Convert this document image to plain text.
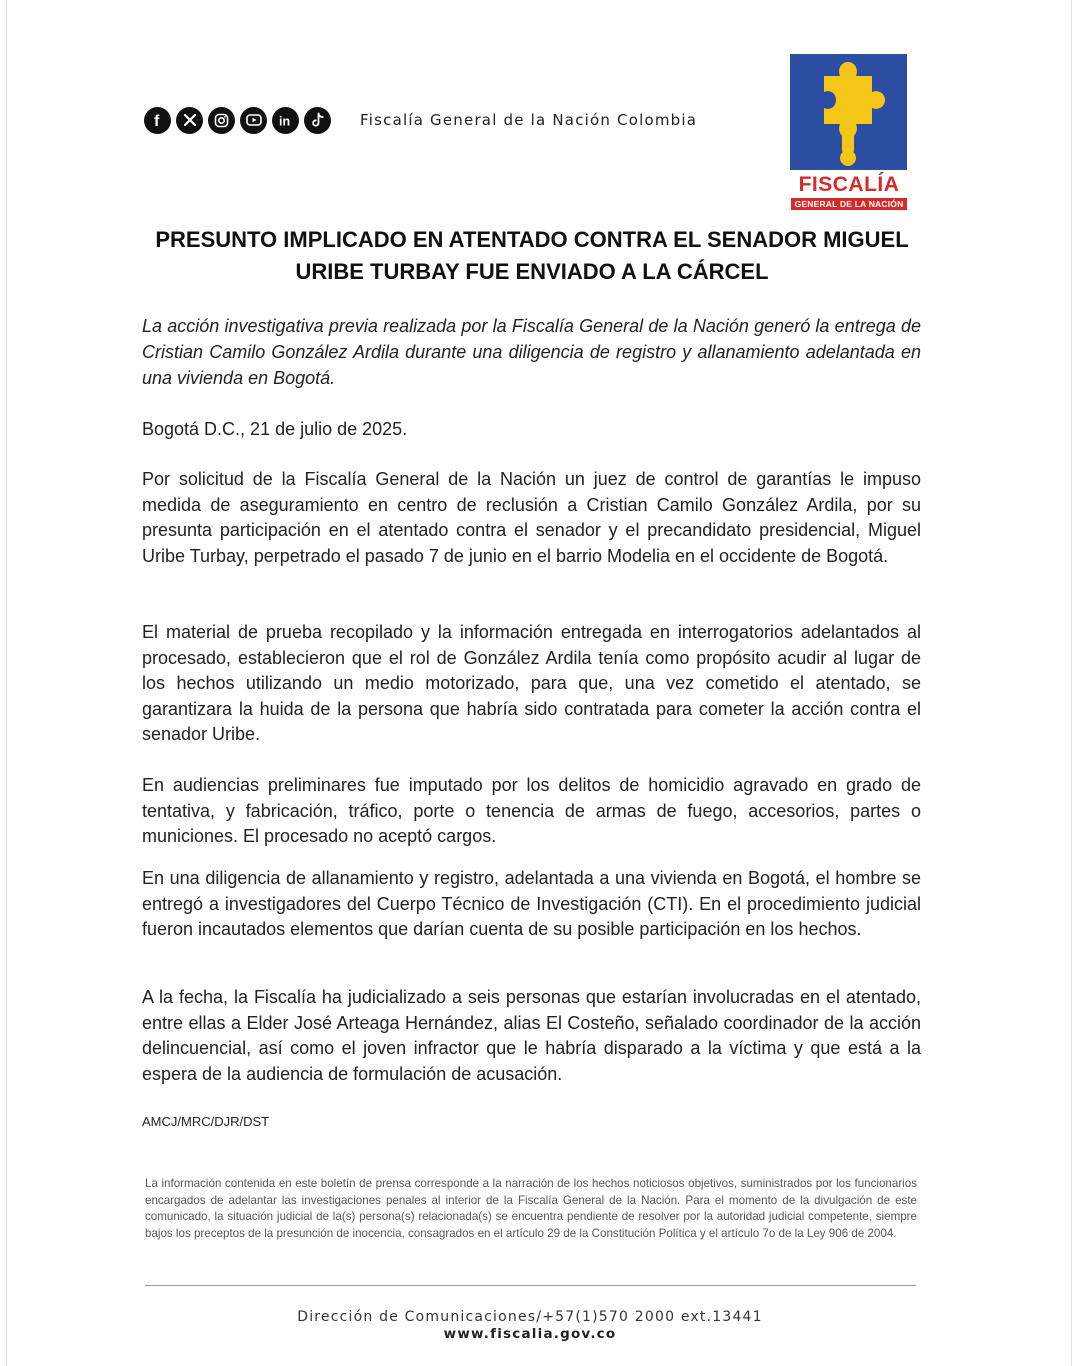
f	in	Fiscalía General de la Nación Colombia
FISCALÍA
GENERAL DE LA NACIÓN
PRESUNTO IMPLICADO EN ATENTADO CONTRA EL SENADOR MIGUEL
URIBE TURBAY FUE ENVIADO A LA CÁRCEL
La acción investigativa previa realizada por la Fiscalía General de la Nación generó la entrega de Cristian Camilo González Ardila durante una diligencia de registro y allanamiento adelantada en una vivienda en Bogotá.
Bogotá D.C., 21 de julio de 2025.
Por solicitud de la Fiscalía General de la Nación un juez de control de garantías le impuso medida de aseguramiento en centro de reclusión a Cristian Camilo González Ardila, por su presunta participación en el atentado contra el senador y el precandidato presidencial, Miguel Uribe Turbay, perpetrado el pasado 7 de junio en el barrio Modelia en el occidente de Bogotá.
El material de prueba recopilado y la información entregada en interrogatorios adelantados al procesado, establecieron que el rol de González Ardila tenía como propósito acudir al lugar de los hechos utilizando un medio motorizado, para que, una vez cometido el atentado, se garantizara la huida de la persona que habría sido contratada para cometer la acción contra el senador Uribe.
En audiencias preliminares fue imputado por los delitos de homicidio agravado en grado de tentativa, y fabricación, tráfico, porte o tenencia de armas de fuego, accesorios, partes o municiones. El procesado no aceptó cargos.
En una diligencia de allanamiento y registro, adelantada a una vivienda en Bogotá, el hombre se entregó a investigadores del Cuerpo Técnico de Investigación (CTI). En el procedimiento judicial fueron incautados elementos que darían cuenta de su posible participación en los hechos.
A la fecha, la Fiscalía ha judicializado a seis personas que estarían involucradas en el atentado, entre ellas a Elder José Arteaga Hernández, alias El Costeño, señalado coordinador de la acción delincuencial, así como el joven infractor que le habría disparado a la víctima y que está a la espera de la audiencia de formulación de acusación.
AMCJ/MRC/DJR/DST
La información contenida en este boletín de prensa corresponde a la narración de los hechos noticiosos objetivos, suministrados por los funcionarios encargados de adelantar las investigaciones penales al interior de la Fiscalía General de la Nación. Para el momento de la divulgación de este comunicado, la situación judicial de la(s) persona(s) relacionada(s) se encuentra pendiente de resolver por la autoridad judicial competente, siempre bajos los preceptos de la presunción de inocencia, consagrados en el artículo 29 de la Constitución Política y el artículo 7o de la Ley 906 de 2004.
Dirección de Comunicaciones/+57(1)570 2000 ext.13441
www.fiscalia.gov.co
